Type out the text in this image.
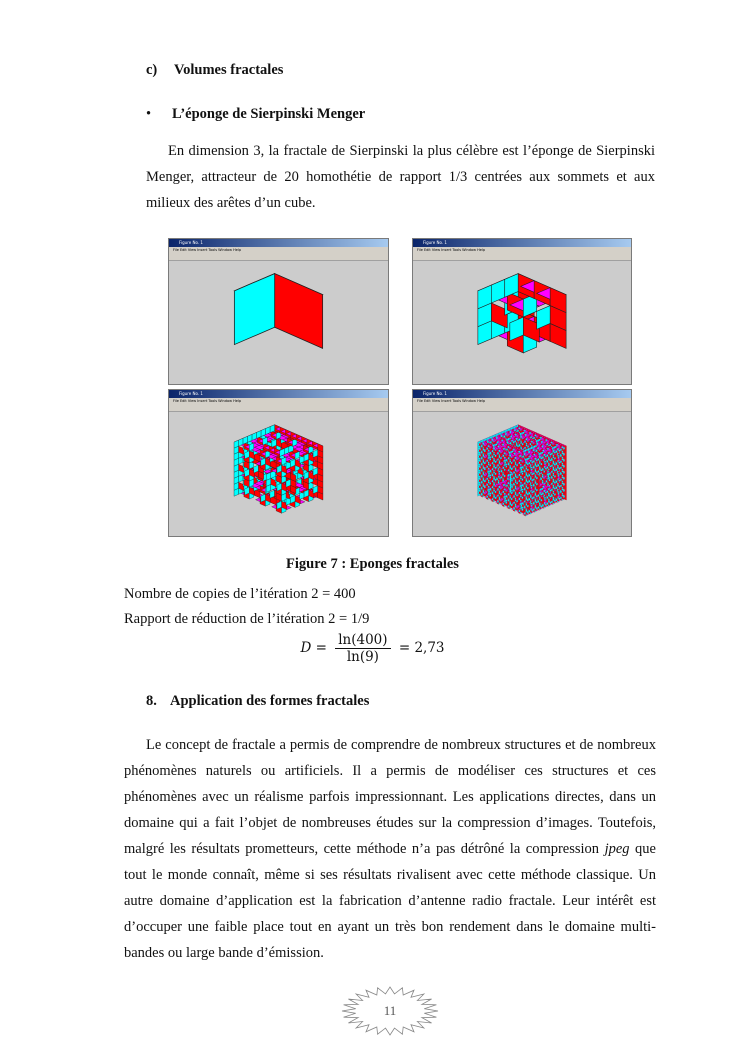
c) Volumes fractales
• L’éponge de Sierpinski Menger
En dimension 3, la fractale de Sierpinski la plus célèbre est l’éponge de Sierpinski Menger, attracteur de 20 homothétie de rapport 1/3 centrées aux sommets et aux milieux des arêtes d’un cube.
Figure No. 1
File Edit View Insert Tools Window Help
Figure No. 1
File Edit View Insert Tools Window Help
Figure No. 1
File Edit View Insert Tools Window Help
Figure No. 1
File Edit View Insert Tools Window Help
Figure 7 : Eponges fractales
Nombre de copies de l’itération 2 = 400
Rapport de réduction de l’itération 2 = 1/9
$D = \frac{\ln(400)}{\ln(9)} = 2,73$
8. Application des formes fractales
Le concept de fractale a permis de comprendre de nombreux structures et de nombreux phénomènes naturels ou artificiels. Il a permis de modéliser ces structures et ces phénomènes avec un réalisme parfois impressionnant. Les applications directes, dans un domaine qui a fait l’objet de nombreuses études sur la compression d’images. Toutefois, malgré les résultats prometteurs, cette méthode n’a pas détrôné la compression jpeg que tout le monde connaît, même si ses résultats rivalisent avec cette méthode classique. Un autre domaine d’application est la fabrication d’antenne radio fractale. Leur intérêt est d’occuper une faible place tout en ayant un très bon rendement dans le domaine multi-bandes ou large bande d’émission.
11
